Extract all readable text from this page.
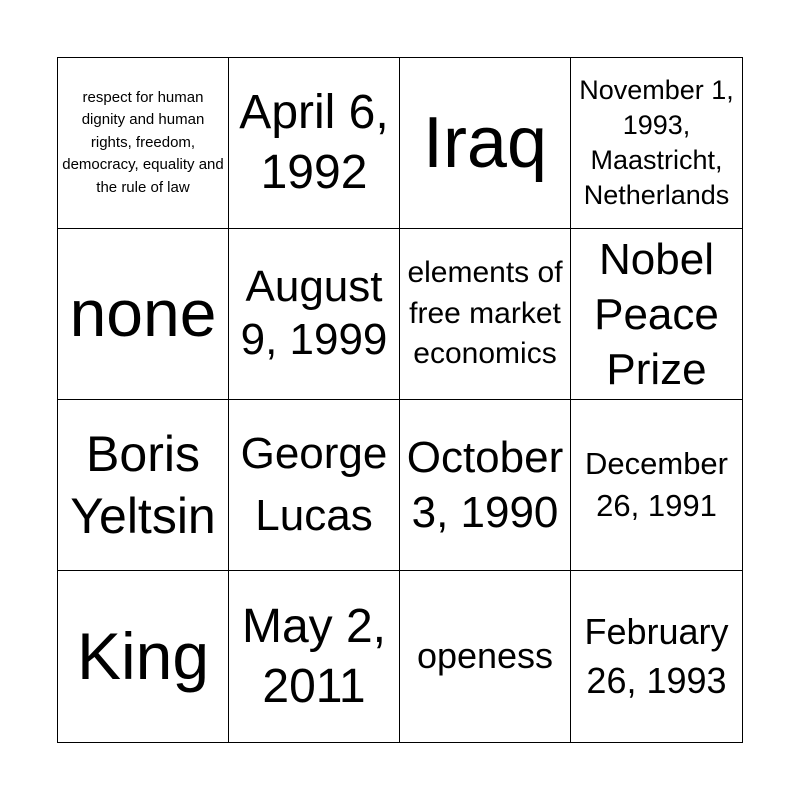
respect for human dignity and human rights, freedom, democracy, equality and the rule of law
April 6, 1992 Iraq
November 1, 1993, Maastricht, Netherlands
none August 9, 1999
elements of free market economics
Nobel Peace Prize
Boris Yeltsin
George Lucas
October 3, 1990
December 26, 1991
King May 2, 2011
openess
February 26, 1993
